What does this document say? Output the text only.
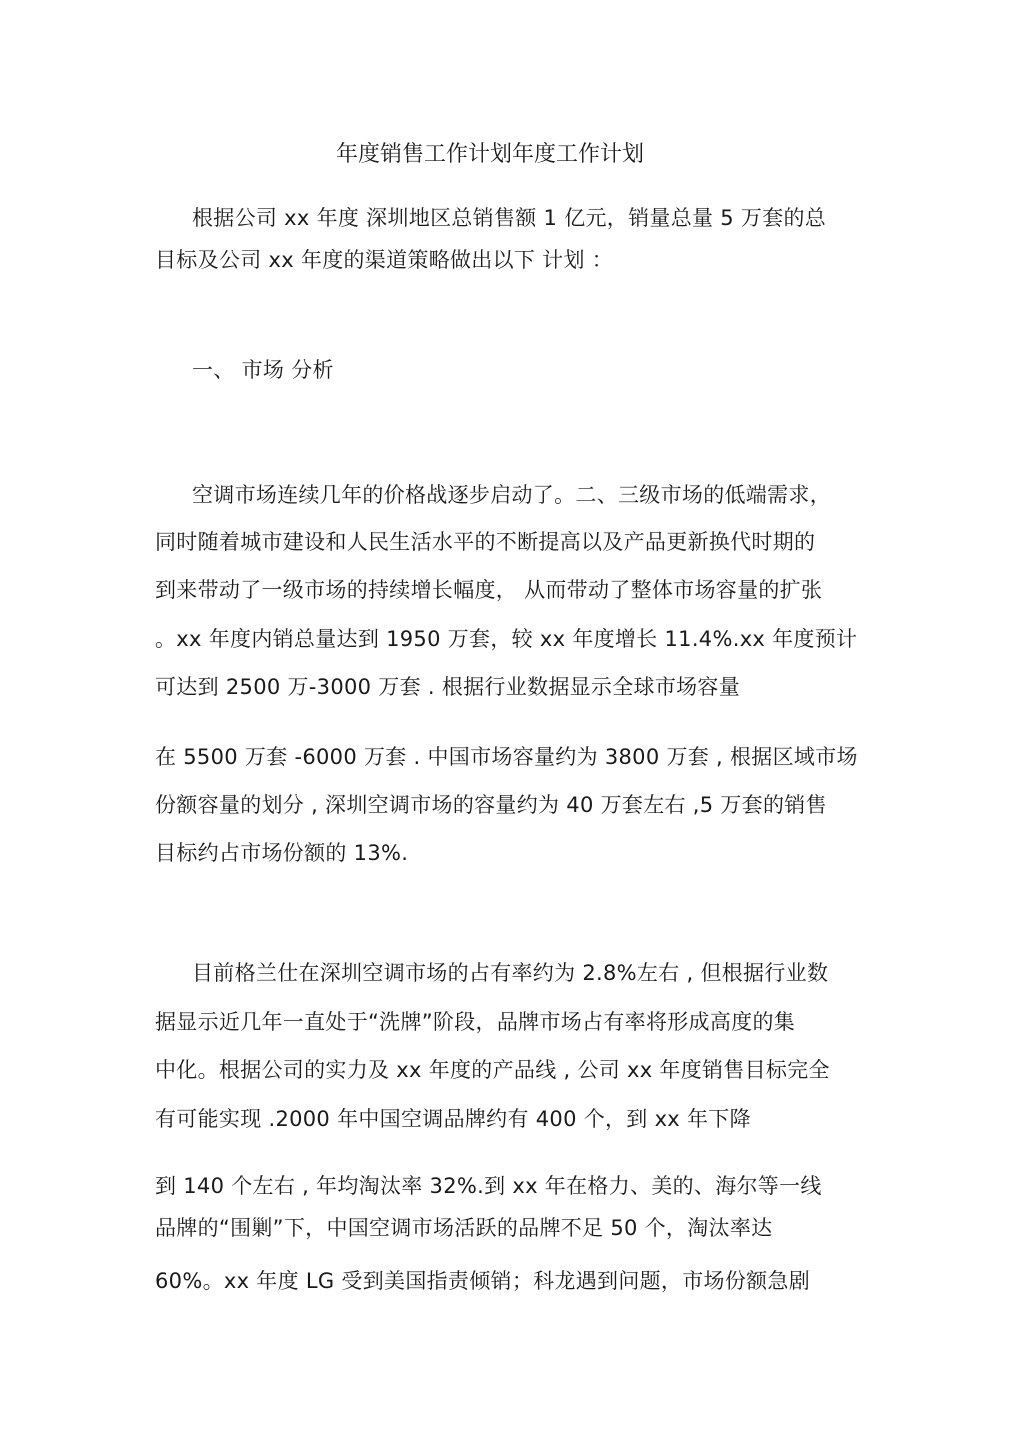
年度销售工作计划年度工作计划
根据公司 xx 年度 深圳地区总销售额 1 亿元，销量总量 5 万套的总
目标及公司 xx 年度的渠道策略做出以下 计划 ：
一、 市场 分析
空调市场连续几年的价格战逐步启动了。二、三级市场的低端需求，
同时随着城市建设和人民生活水平的不断提高以及产品更新换代时期的
到来带动了一级市场的持续增长幅度， 从而带动了整体市场容量的扩张
。xx 年度内销总量达到 1950 万套，较 xx 年度增长 11.4%.xx 年度预计
可达到 2500 万-3000 万套 . 根据行业数据显示全球市场容量
在 5500 万套 -6000 万套 . 中国市场容量约为 3800 万套 , 根据区域市场
份额容量的划分 , 深圳空调市场的容量约为 40 万套左右 ,5 万套的销售
目标约占市场份额的 13%.
目前格兰仕在深圳空调市场的占有率约为 2.8%左右 , 但根据行业数
据显示近几年一直处于“洗牌”阶段，品牌市场占有率将形成高度的集
中化。根据公司的实力及 xx 年度的产品线 , 公司 xx 年度销售目标完全
有可能实现 .2000 年中国空调品牌约有 400 个，到 xx 年下降
到 140 个左右 , 年均淘汰率 32%.到 xx 年在格力、美的、海尔等一线
品牌的“围剿”下，中国空调市场活跃的品牌不足 50 个，淘汰率达
60%。xx 年度 LG 受到美国指责倾销；科龙遇到问题，市场份额急剧
